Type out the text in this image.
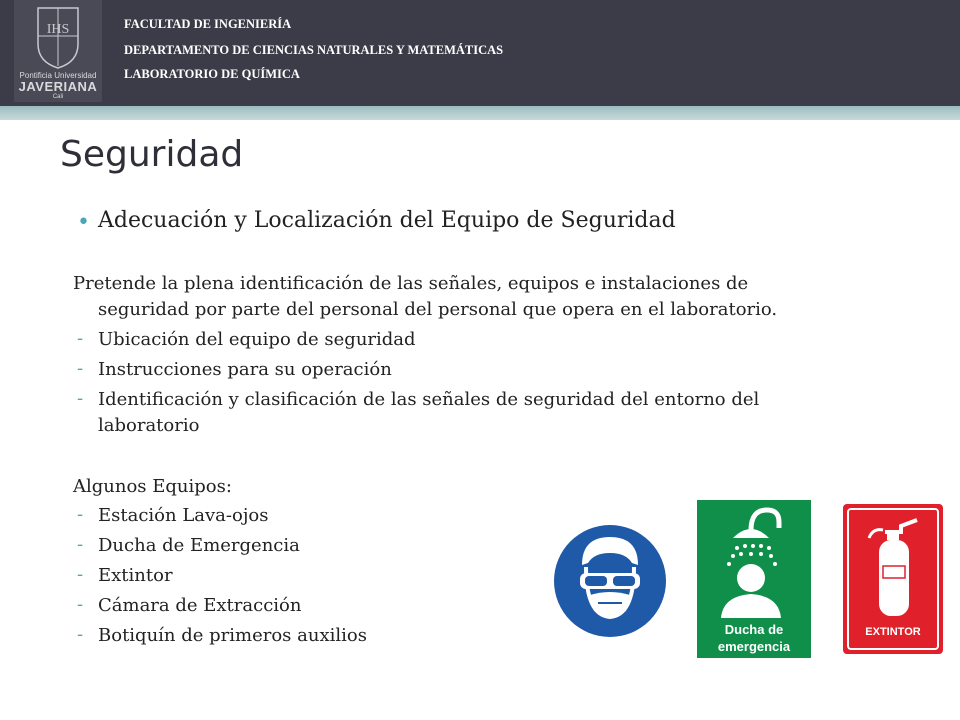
IHS
Pontificia Universidad
JAVERIANA
Cali
FACULTAD DE INGENIERÍA
DEPARTAMENTO DE CIENCIAS NATURALES Y MATEMÁTICAS
LABORATORIO DE QUÍMICA
Seguridad
• Adecuación y Localización del Equipo de Seguridad
Pretende la plena identificación de las señales, equipos e instalaciones de
seguridad por parte del personal del personal que opera en el laboratorio.
- Ubicación del equipo de seguridad
- Instrucciones para su operación
- Identificación y clasificación de las señales de seguridad del entorno del
laboratorio
Algunos Equipos:
- Estación Lava-ojos
- Ducha de Emergencia
- Extintor
- Cámara de Extracción
- Botiquín de primeros auxilios	Ducha de
emergencia
EXTINTOR
